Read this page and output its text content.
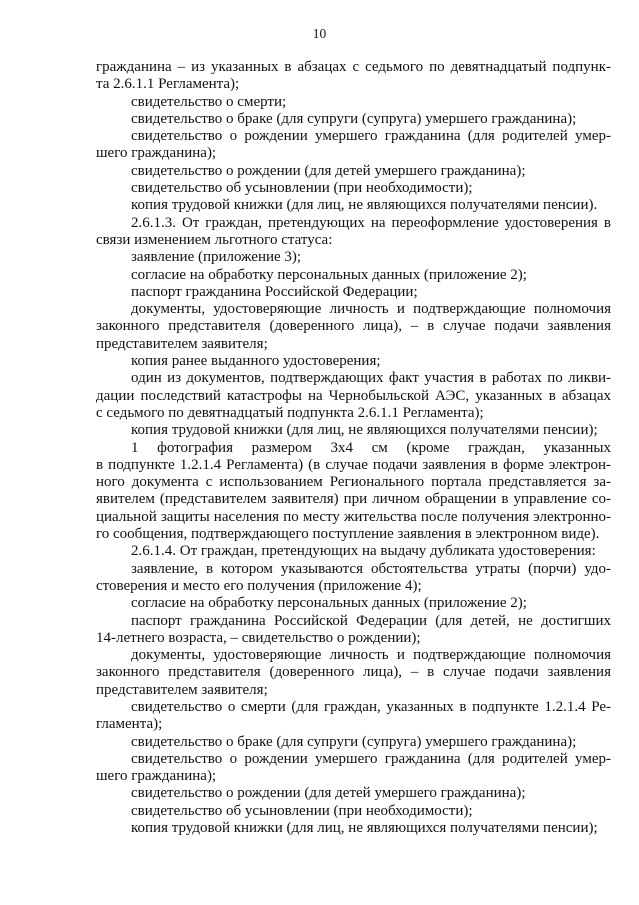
10
гражданина – из указанных в абзацах с седьмого по девятнадцатый подпунк-
та 2.6.1.1 Регламента);
свидетельство о смерти;
свидетельство о браке (для супруги (супруга) умершего гражданина);
свидетельство о рождении умершего гражданина (для родителей умер-
шего гражданина);
свидетельство о рождении (для детей умершего гражданина);
свидетельство об усыновлении (при необходимости);
копия трудовой книжки (для лиц, не являющихся получателями пенсии).
2.6.1.3. От граждан, претендующих на переоформление удостоверения в
связи изменением льготного статуса:
заявление (приложение 3);
согласие на обработку персональных данных (приложение 2);
паспорт гражданина Российской Федерации;
документы, удостоверяющие личность и подтверждающие полномочия
законного представителя (доверенного лица), – в случае подачи заявления
представителем заявителя;
копия ранее выданного удостоверения;
один из документов, подтверждающих факт участия в работах по ликви-
дации последствий катастрофы на Чернобыльской АЭС, указанных в абзацах
с седьмого по девятнадцатый подпункта 2.6.1.1 Регламента);
копия трудовой книжки (для лиц, не являющихся получателями пенсии);
1 фотография размером 3х4 см (кроме граждан, указанных
в подпункте 1.2.1.4 Регламента) (в случае подачи заявления в форме электрон-
ного документа с использованием Регионального портала представляется за-
явителем (представителем заявителя) при личном обращении в управление со-
циальной защиты населения по месту жительства после получения электронно-
го сообщения, подтверждающего поступление заявления в электронном виде).
2.6.1.4. От граждан, претендующих на выдачу дубликата удостоверения:
заявление, в котором указываются обстоятельства утраты (порчи) удо-
стоверения и место его получения (приложение 4);
согласие на обработку персональных данных (приложение 2);
паспорт гражданина Российской Федерации (для детей, не достигших
14-летнего возраста, – свидетельство о рождении);
документы, удостоверяющие личность и подтверждающие полномочия
законного представителя (доверенного лица), – в случае подачи заявления
представителем заявителя;
свидетельство о смерти (для граждан, указанных в подпункте 1.2.1.4 Ре-
гламента);
свидетельство о браке (для супруги (супруга) умершего гражданина);
свидетельство о рождении умершего гражданина (для родителей умер-
шего гражданина);
свидетельство о рождении (для детей умершего гражданина);
свидетельство об усыновлении (при необходимости);
копия трудовой книжки (для лиц, не являющихся получателями пенсии);
